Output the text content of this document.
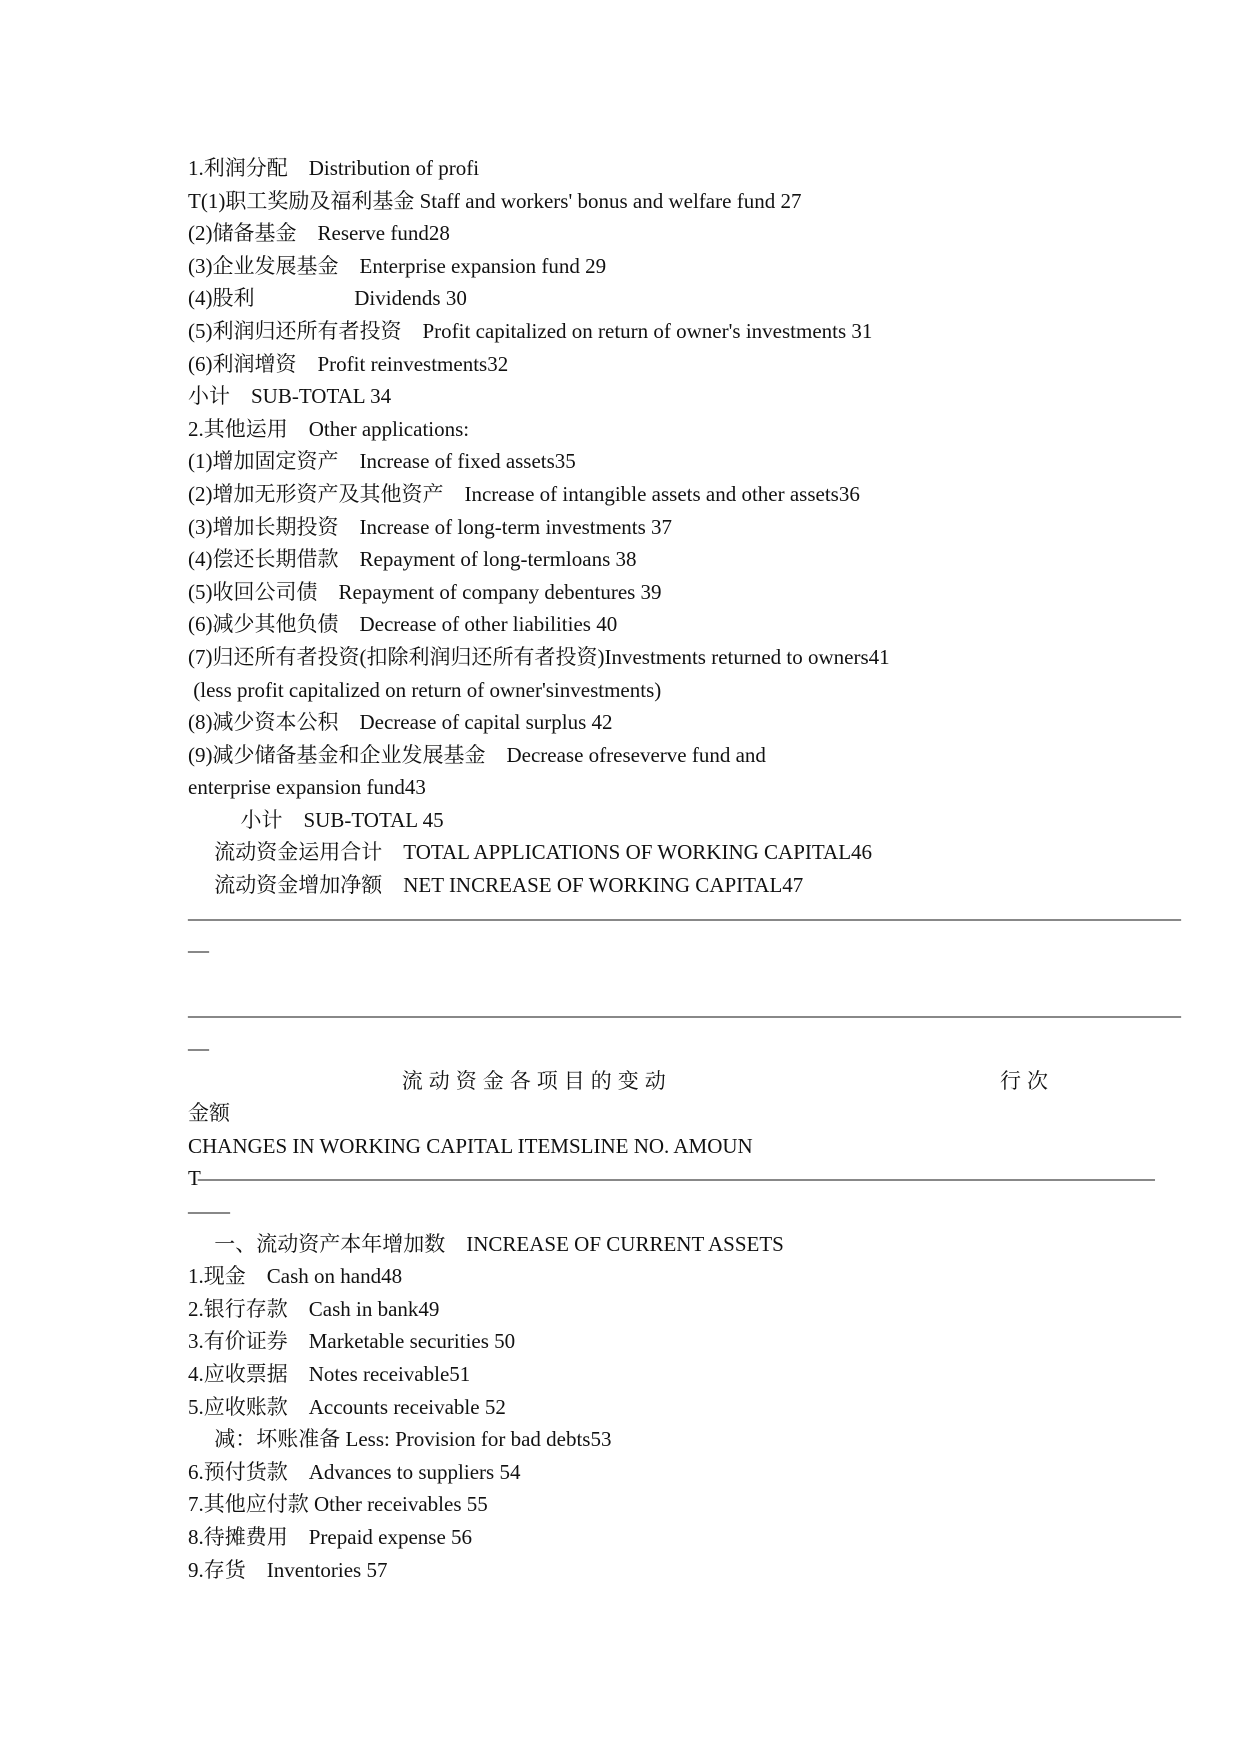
1.利润分配    Distribution of profi
T(1)职工奖励及福利基金 Staff and workers' bonus and welfare fund 27
(2)储备基金    Reserve fund28
(3)企业发展基金    Enterprise expansion fund 29
(4)股利                   Dividends 30
(5)利润归还所有者投资    Profit capitalized on return of owner's investments 31
(6)利润增资    Profit reinvestments32
小计    SUB-TOTAL 34
2.其他运用    Other applications:
(1)增加固定资产    Increase of fixed assets35
(2)增加无形资产及其他资产    Increase of intangible assets and other assets36
(3)增加长期投资    Increase of long-term investments 37
(4)偿还长期借款    Repayment of long-termloans 38
(5)收回公司债    Repayment of company debentures 39
(6)减少其他负债    Decrease of other liabilities 40
(7)归还所有者投资(扣除利润归还所有者投资)Investments returned to owners41
(less profit capitalized on return of owner'sinvestments)
(8)减少资本公积    Decrease of capital surplus 42
(9)减少储备基金和企业发展基金    Decrease ofreseverve fund and
enterprise expansion fund43
小计    SUB-TOTAL 45
流动资金运用合计    TOTAL APPLICATIONS OF WORKING CAPITAL46
流动资金增加净额    NET INCREASE OF WORKING CAPITAL47
———————————————————————————————————————————————————————
—
———————————————————————————————————————————————————————
—
流动资金各项目的变动	行次
金额
CHANGES IN WORKING CAPITAL ITEMSLINE NO. AMOUN
T—————————————————————————————————————————————————————
——
一、流动资产本年增加数    INCREASE OF CURRENT ASSETS
1.现金    Cash on hand48
2.银行存款    Cash in bank49
3.有价证券    Marketable securities 50
4.应收票据    Notes receivable51
5.应收账款    Accounts receivable 52
减：坏账准备 Less: Provision for bad debts53
6.预付货款    Advances to suppliers 54
7.其他应付款 Other receivables 55
8.待摊费用    Prepaid expense 56
9.存货    Inventories 57
